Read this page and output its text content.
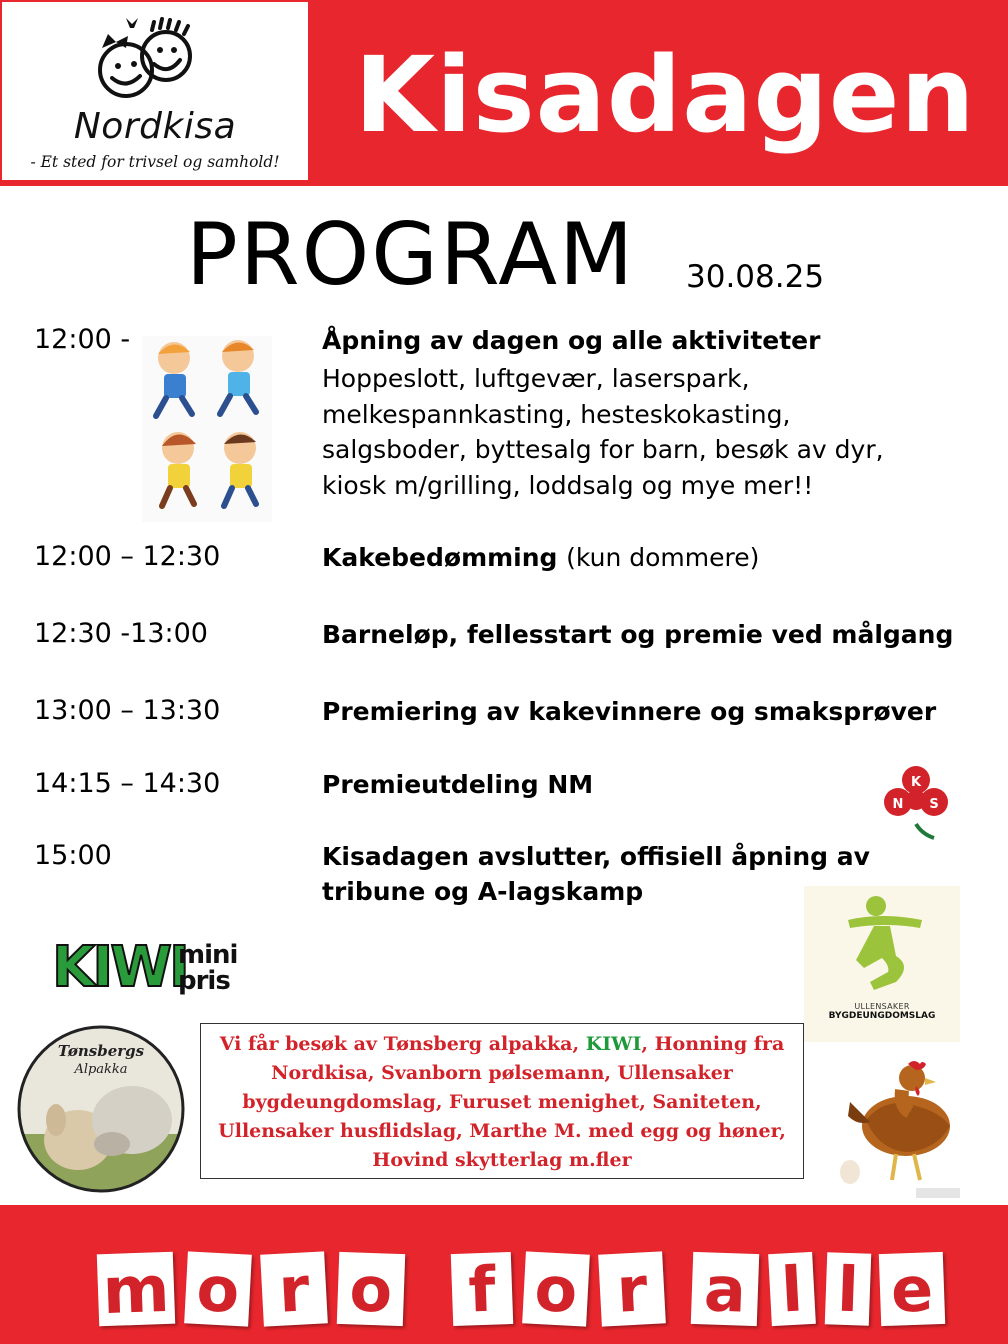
Nordkisa
- Et sted for trivsel og samhold!
Kisadagen
PROGRAM 30.08.25
12:00 -	Åpning av dagen og alle aktiviteter
Hoppeslott, luftgevær, laserspark,
melkespannkasting, hesteskokasting,
salgsboder, byttesalg for barn, besøk av dyr,
kiosk m/grilling, loddsalg og mye mer!!
12:00 – 12:30	Kakebedømming (kun dommere)
12:30 -13:00	Barneløp, fellesstart og premie ved målgang
13:00 – 13:30	Premiering av kakevinnere og smaksprøver
14:15 – 14:30	Premieutdeling NM
15:00	Kisadagen avslutter, offisiell åpning av
tribune og A-lagskamp
K
N S
ULLENSAKER
BYGDEUNGDOMSLAG
KIWI
mini
pris
Tønsbergs
Alpakka
Vi får besøk av Tønsberg alpakka, KIWI, Honning fra
Nordkisa, Svanborn pølsemann, Ullensaker
bygdeungdomslag, Furuset menighet, Saniteten,
Ullensaker husflidslag, Marthe M. med egg og høner,
Hovind skytterlag m.fler
m o r o f o r a l l e
